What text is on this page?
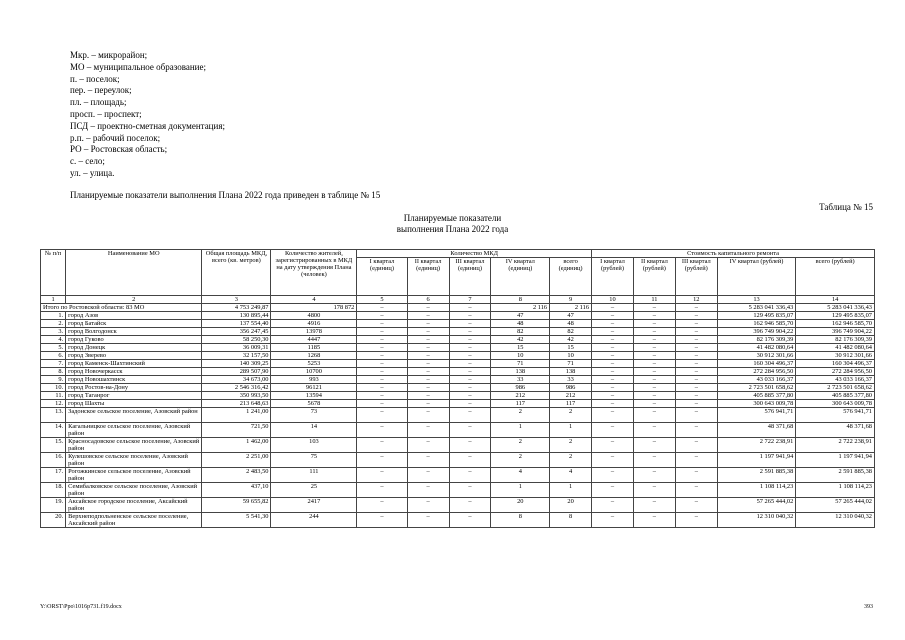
Мкр. – микрорайон;
МО – муниципальное образование;
п. – поселок;
пер. – переулок;
пл. – площадь;
просп. – проспект;
ПСД – проектно-сметная документация;
р.п. – рабочий поселок;
РО – Ростовская область;
с. – село;
ул. – улица.
Планируемые показатели выполнения Плана 2022 года приведен в таблице № 15
Таблица № 15
Планируемые показатели
выполнения Плана 2022 года
№ п/п	Наименование МО	Общая площадь МКД, всего (кв. метров)	Количество жителей, зарегистрированных в МКД на дату утверждения Плана (человек)	Количество МКД					Стоимость капитального ремонта				
				I квартал (единиц)	II квартал (единиц)	III квартал (единиц)	IV квартал (единиц)	всего (единиц)	I квартал (рублей)	II квартал (рублей)	III квартал (рублей)	IV квартал (рублей)	всего (рублей)
1	2	3	4	5	6	7	8	9	10	11	12	13	14
Итого по Ростовской области: 83 МО		4 753 249,87	178 872	–	–	–	2 116	2 116	–	–	–	5 283 041 336,43	5 283 041 336,43
1.	город Азов	130 895,44	4800	–	–	–	47	47	–	–	–	129 495 835,07	129 495 835,07
2.	город Батайск	137 554,40	4916	–	–	–	48	48	–	–	–	162 946 585,70	162 946 585,70
3.	город Волгодонск	356 247,45	13978	–	–	–	82	82	–	–	–	396 749 904,22	396 749 904,22
4.	город Гуково	58 250,30	4447	–	–	–	42	42	–	–	–	82 176 309,39	82 176 309,39
5.	город Донецк	36 009,31	1185	–	–	–	15	15	–	–	–	41 482 080,64	41 482 080,64
6.	город Зверево	32 157,50	1268	–	–	–	10	10	–	–	–	30 912 301,66	30 912 301,66
7.	город Каменск-Шахтинский	140 309,25	5253	–	–	–	71	71	–	–	–	160 304 496,37	160 304 496,37
8.	город Новочеркасск	289 507,90	10700	–	–	–	138	138	–	–	–	272 284 956,50	272 284 956,50
9.	город Новошахтинск	34 673,00	993	–	–	–	33	33	–	–	–	43 033 166,37	43 033 166,37
10.	город Ростов-на-Дону	2 546 316,42	96121	–	–	–	986	986	–	–	–	2 723 501 658,62	2 723 501 658,62
11.	город Таганрог	350 993,50	13594	–	–	–	212	212	–	–	–	405 885 377,80	405 885 377,80
12.	город Шахты	213 648,63	5678	–	–	–	117	117	–	–	–	300 643 009,78	300 643 009,78
13.	Задонское сельское поселение, Азовский район	1 241,00	73	–	–	–	2	2	–	–	–	576 941,71	576 941,71
14.	Кагальницкое сельское поселение, Азовский район	721,50	14	–	–	–	1	1	–	–	–	48 371,68	48 371,68
15.	Красносадовское сельское поселение, Азовский район	1 462,00	103	–	–	–	2	2	–	–	–	2 722 238,91	2 722 238,91
16.	Кулешовское сельское поселение, Азовский район	2 251,00	75	–	–	–	2	2	–	–	–	1 197 941,94	1 197 941,94
17.	Рогожкинское сельское поселение, Азовский район	2 483,50	111	–	–	–	4	4	–	–	–	2 591 885,38	2 591 885,38
18.	Семибалковское сельское поселение, Азовский район	437,10	25	–	–	–	1	1	–	–	–	1 108 114,23	1 108 114,23
19.	Аксайское городское поселение, Аксайский район	59 655,82	2417	–	–	–	20	20	–	–	–	57 265 444,02	57 265 444,02
20.	Верхнеподпольненское сельское поселение, Аксайский район	5 541,30	244	–	–	–	8	8	–	–	–	12 310 040,32	12 310 040,32
Y:\ORST\Ppo\1016p731.f19.docx	393
